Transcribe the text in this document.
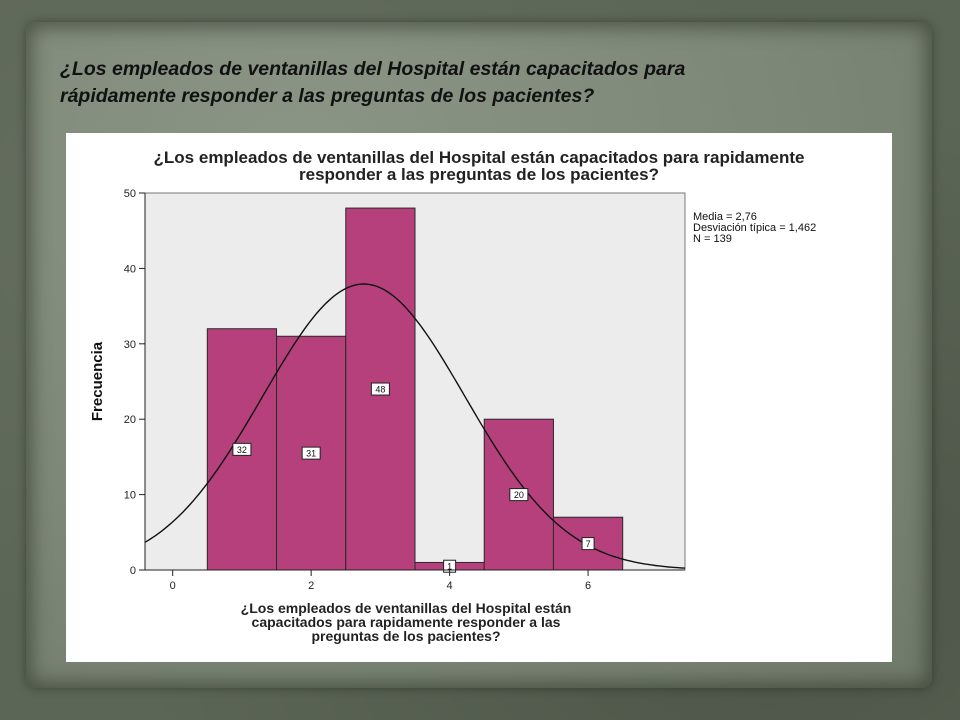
¿Los empleados de ventanillas del Hospital están capacitados para
rápidamente responder a las preguntas de los pacientes?
¿Los empleados de ventanillas del Hospital están capacitados para rapidamente
responder a las preguntas de los pacientes?
32	31
48
1
20
7
0
10
20
30
40
50
0	2	4	6
Frecuencia
¿Los empleados de ventanillas del Hospital están
capacitados para rapidamente responder a las
preguntas de los pacientes?
Media = 2,76
Desviación típica = 1,462
N = 139
